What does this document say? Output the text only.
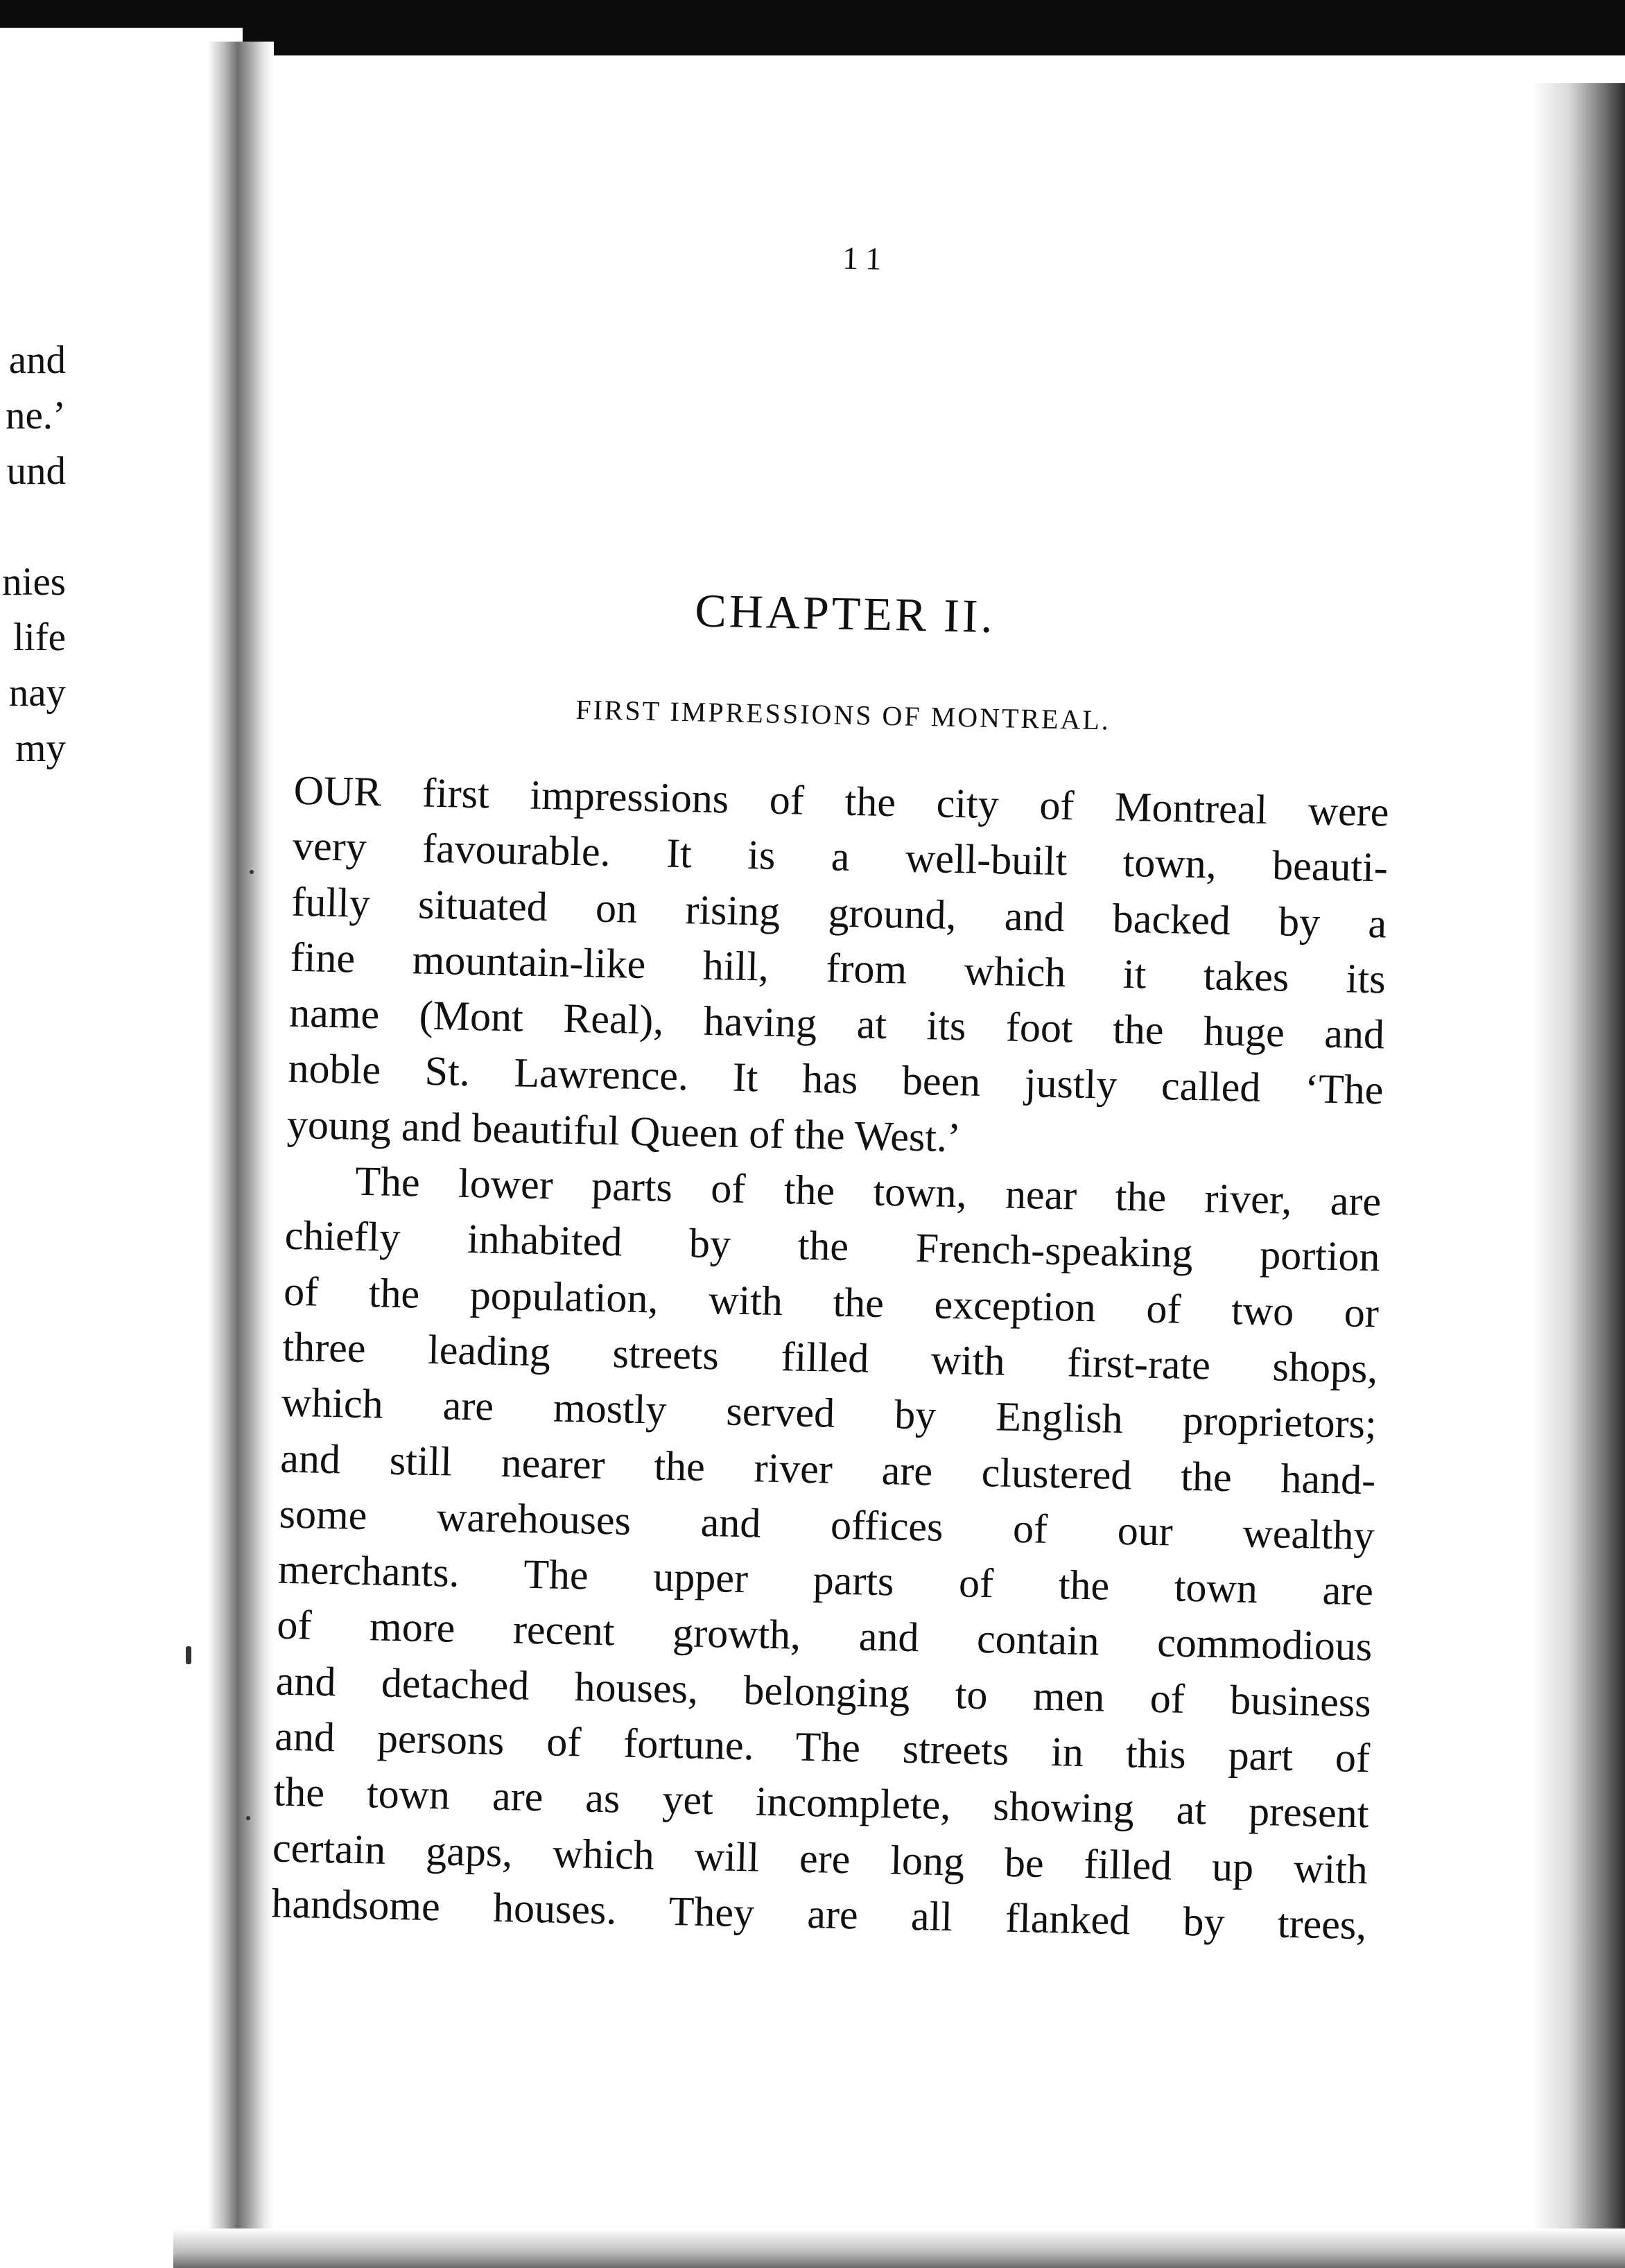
and
ne.’
und
nies
life
nay
my
11
CHAPTER II.
FIRST IMPRESSIONS OF MONTREAL.
OUR first impressions of the city of Montreal were
very favourable. It is a well-built town, beauti-
fully situated on rising ground, and backed by a
fine mountain-like hill, from which it takes its
name (Mont Real), having at its foot the huge and
noble St. Lawrence. It has been justly called ‘The
young and beautiful Queen of the West.’
The lower parts of the town, near the river, are
chiefly inhabited by the French-speaking portion
of the population, with the exception of two or
three leading streets filled with first-rate shops,
which are mostly served by English proprietors;
and still nearer the river are clustered the hand-
some warehouses and offices of our wealthy
merchants. The upper parts of the town are
of more recent growth, and contain commodious
and detached houses, belonging to men of business
and persons of fortune. The streets in this part of
the town are as yet incomplete, showing at present
certain gaps, which will ere long be filled up with
handsome houses. They are all flanked by trees,
